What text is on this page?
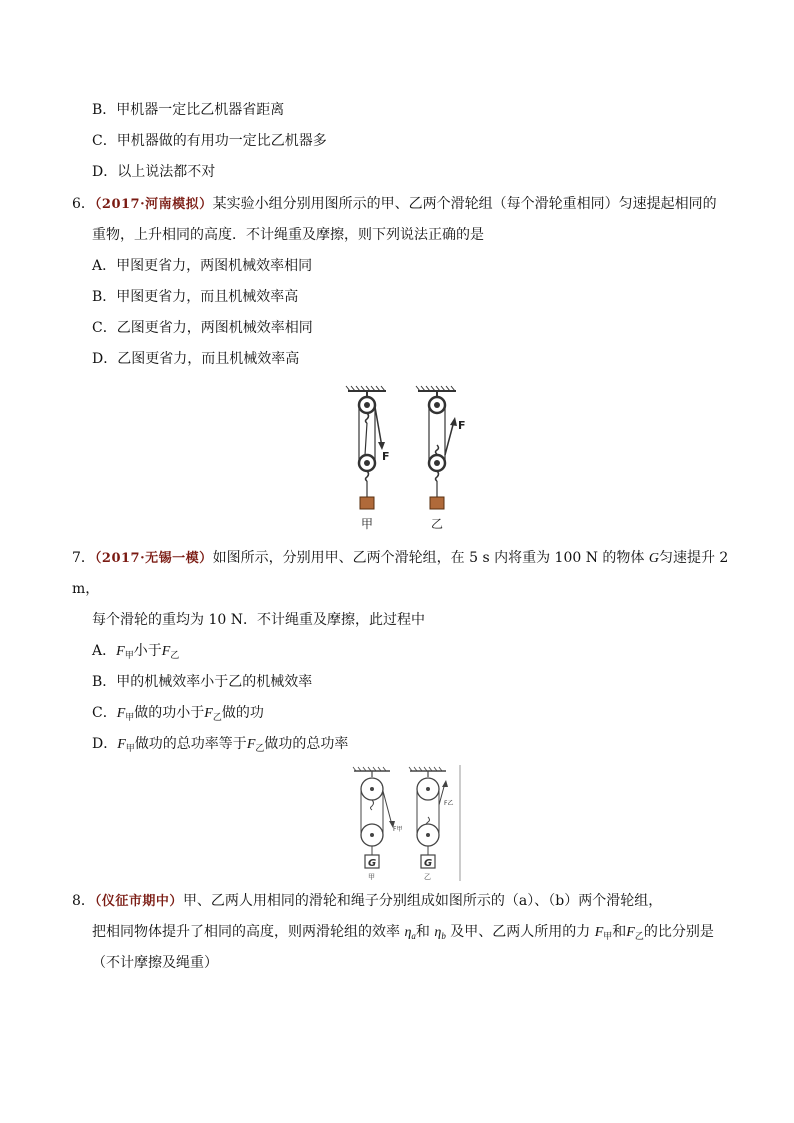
B．甲机器一定比乙机器省距离
C．甲机器做的有用功一定比乙机器多
D．以上说法都不对
6．（2017·河南模拟）某实验小组分别用图所示的甲、乙两个滑轮组（每个滑轮重相同）匀速提起相同的
重物，上升相同的高度．不计绳重及摩擦，则下列说法正确的是
A．甲图更省力，两图机械效率相同
B．甲图更省力，而且机械效率高
C．乙图更省力，两图机械效率相同
D．乙图更省力，而且机械效率高
F
甲
F
乙
7．（2017·无锡一模）如图所示，分别用甲、乙两个滑轮组，在 5 s 内将重为 100 N 的物体 G匀速提升 2
m，
每个滑轮的重均为 10 N．不计绳重及摩擦，此过程中
A．$F_甲$小于$F_乙$
B．甲的机械效率小于乙的机械效率
C．$F_甲$做的功小于$F_乙$做的功
D．$F_甲$做功的总功率等于$F_乙$做功的总功率
F甲
G
甲
F乙
G
乙
8．（仪征市期中）甲、乙两人用相同的滑轮和绳子分别组成如图所示的（a）、（b）两个滑轮组，
把相同物体提升了相同的高度，则两滑轮组的效率 $\eta_a$和 $\eta_b$ 及甲、乙两人所用的力 $F_甲$和$F_乙$的比分别是
（不计摩擦及绳重）
